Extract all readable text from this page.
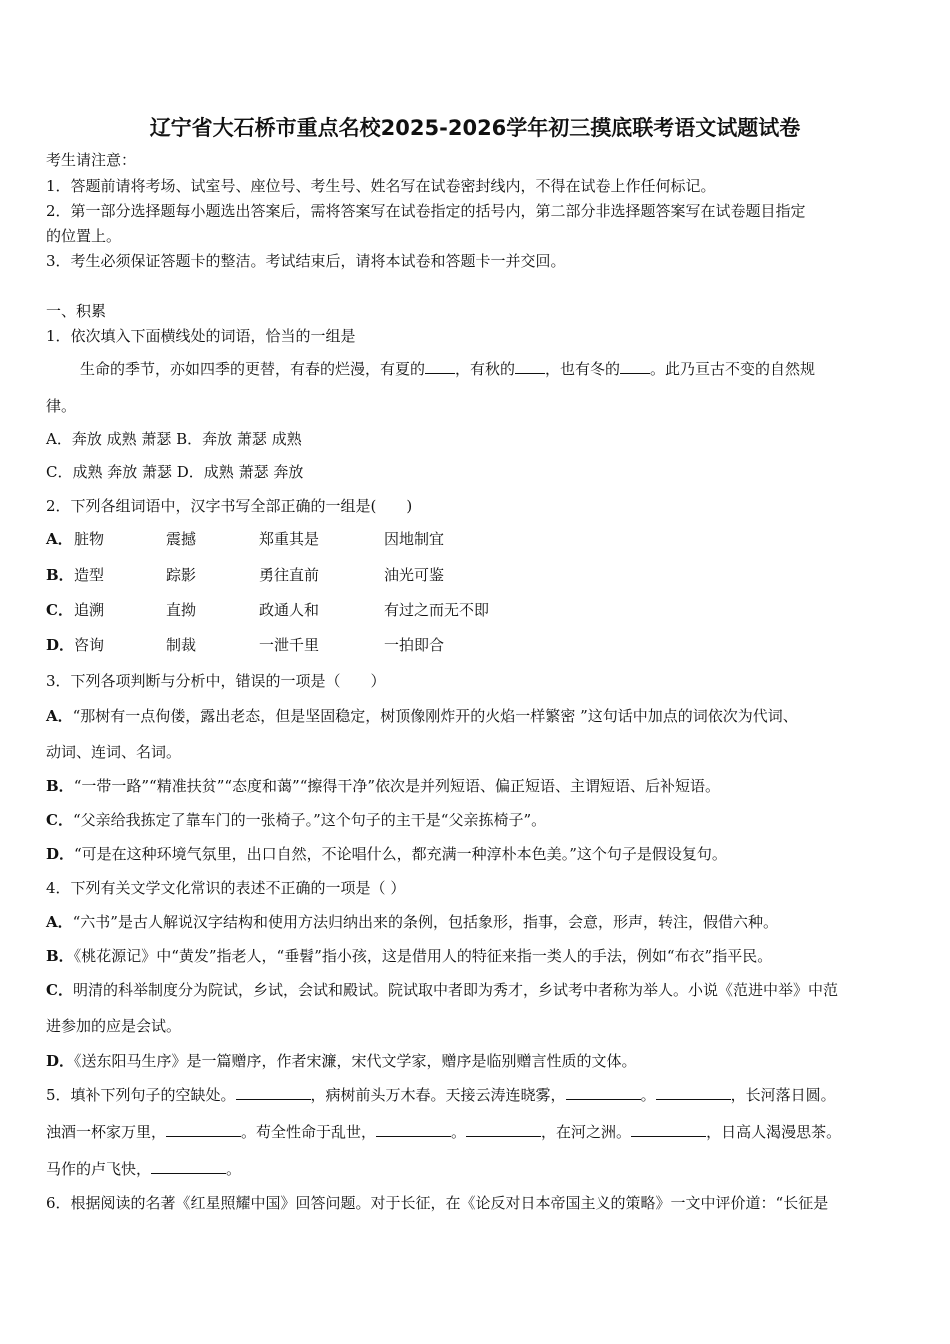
辽宁省大石桥市重点名校2025-2026学年初三摸底联考语文试题试卷
考生请注意：
1．答题前请将考场、试室号、座位号、考生号、姓名写在试卷密封线内，不得在试卷上作任何标记。
2．第一部分选择题每小题选出答案后，需将答案写在试卷指定的括号内，第二部分非选择题答案写在试卷题目指定
的位置上。
3．考生必须保证答题卡的整洁。考试结束后，请将本试卷和答题卡一并交回。
一、积累
1．依次填入下面横线处的词语，恰当的一组是
生命的季节，亦如四季的更替，有春的烂漫，有夏的 ，有秋的 ，也有冬的 。此乃亘古不变的自然规
律。
A．奔放 成熟 萧瑟 B．奔放 萧瑟 成熟
C．成熟 奔放 萧瑟 D．成熟 萧瑟 奔放
2．下列各组词语中，汉字书写全部正确的一组是(　　)
A． 脏物	震撼	郑重其是	因地制宜
B． 造型	踪影	勇往直前	油光可鉴
C． 追溯	直拗	政通人和	有过之而无不即
D． 咨询	制裁	一泄千里	一拍即合
3．下列各项判断与分析中，错误的一项是（　　）
A．“那树有一点佝偻，露出老态，但是坚固稳定，树顶像刚炸开的火焰一样繁密 ”这句话中加点的词依次为代词、
动词、连词、名词。
B．“一带一路”“精准扶贫”“态度和蔼”“擦得干净”依次是并列短语、偏正短语、主谓短语、后补短语。
C．“父亲给我拣定了靠车门的一张椅子。”这个句子的主干是“父亲拣椅子”。
D．“可是在这种环境气氛里，出口自然，不论唱什么，都充满一种淳朴本色美。”这个句子是假设复句。
4．下列有关文学文化常识的表述不正确的一项是（ ）
A．“六书”是古人解说汉字结构和使用方法归纳出来的条例，包括象形，指事，会意，形声，转注，假借六种。
B．《桃花源记》中“黄发”指老人，“垂髫”指小孩，这是借用人的特征来指一类人的手法，例如“布衣”指平民。
C．明清的科举制度分为院试，乡试，会试和殿试。院试取中者即为秀才，乡试考中者称为举人。小说《范进中举》中范
进参加的应是会试。
D．《送东阳马生序》是一篇赠序，作者宋濂，宋代文学家，赠序是临别赠言性质的文体。
5．填补下列句子的空缺处。	，病树前头万木春。天接云涛连晓雾，	。	，长河落日圆。
浊酒一杯家万里，	。苟全性命于乱世，	。	，在河之洲。	，日高人渴漫思茶。
马作的卢飞快，	。
6．根据阅读的名著《红星照耀中国》回答问题。对于长征，在《论反对日本帝国主义的策略》一文中评价道：“长征是
